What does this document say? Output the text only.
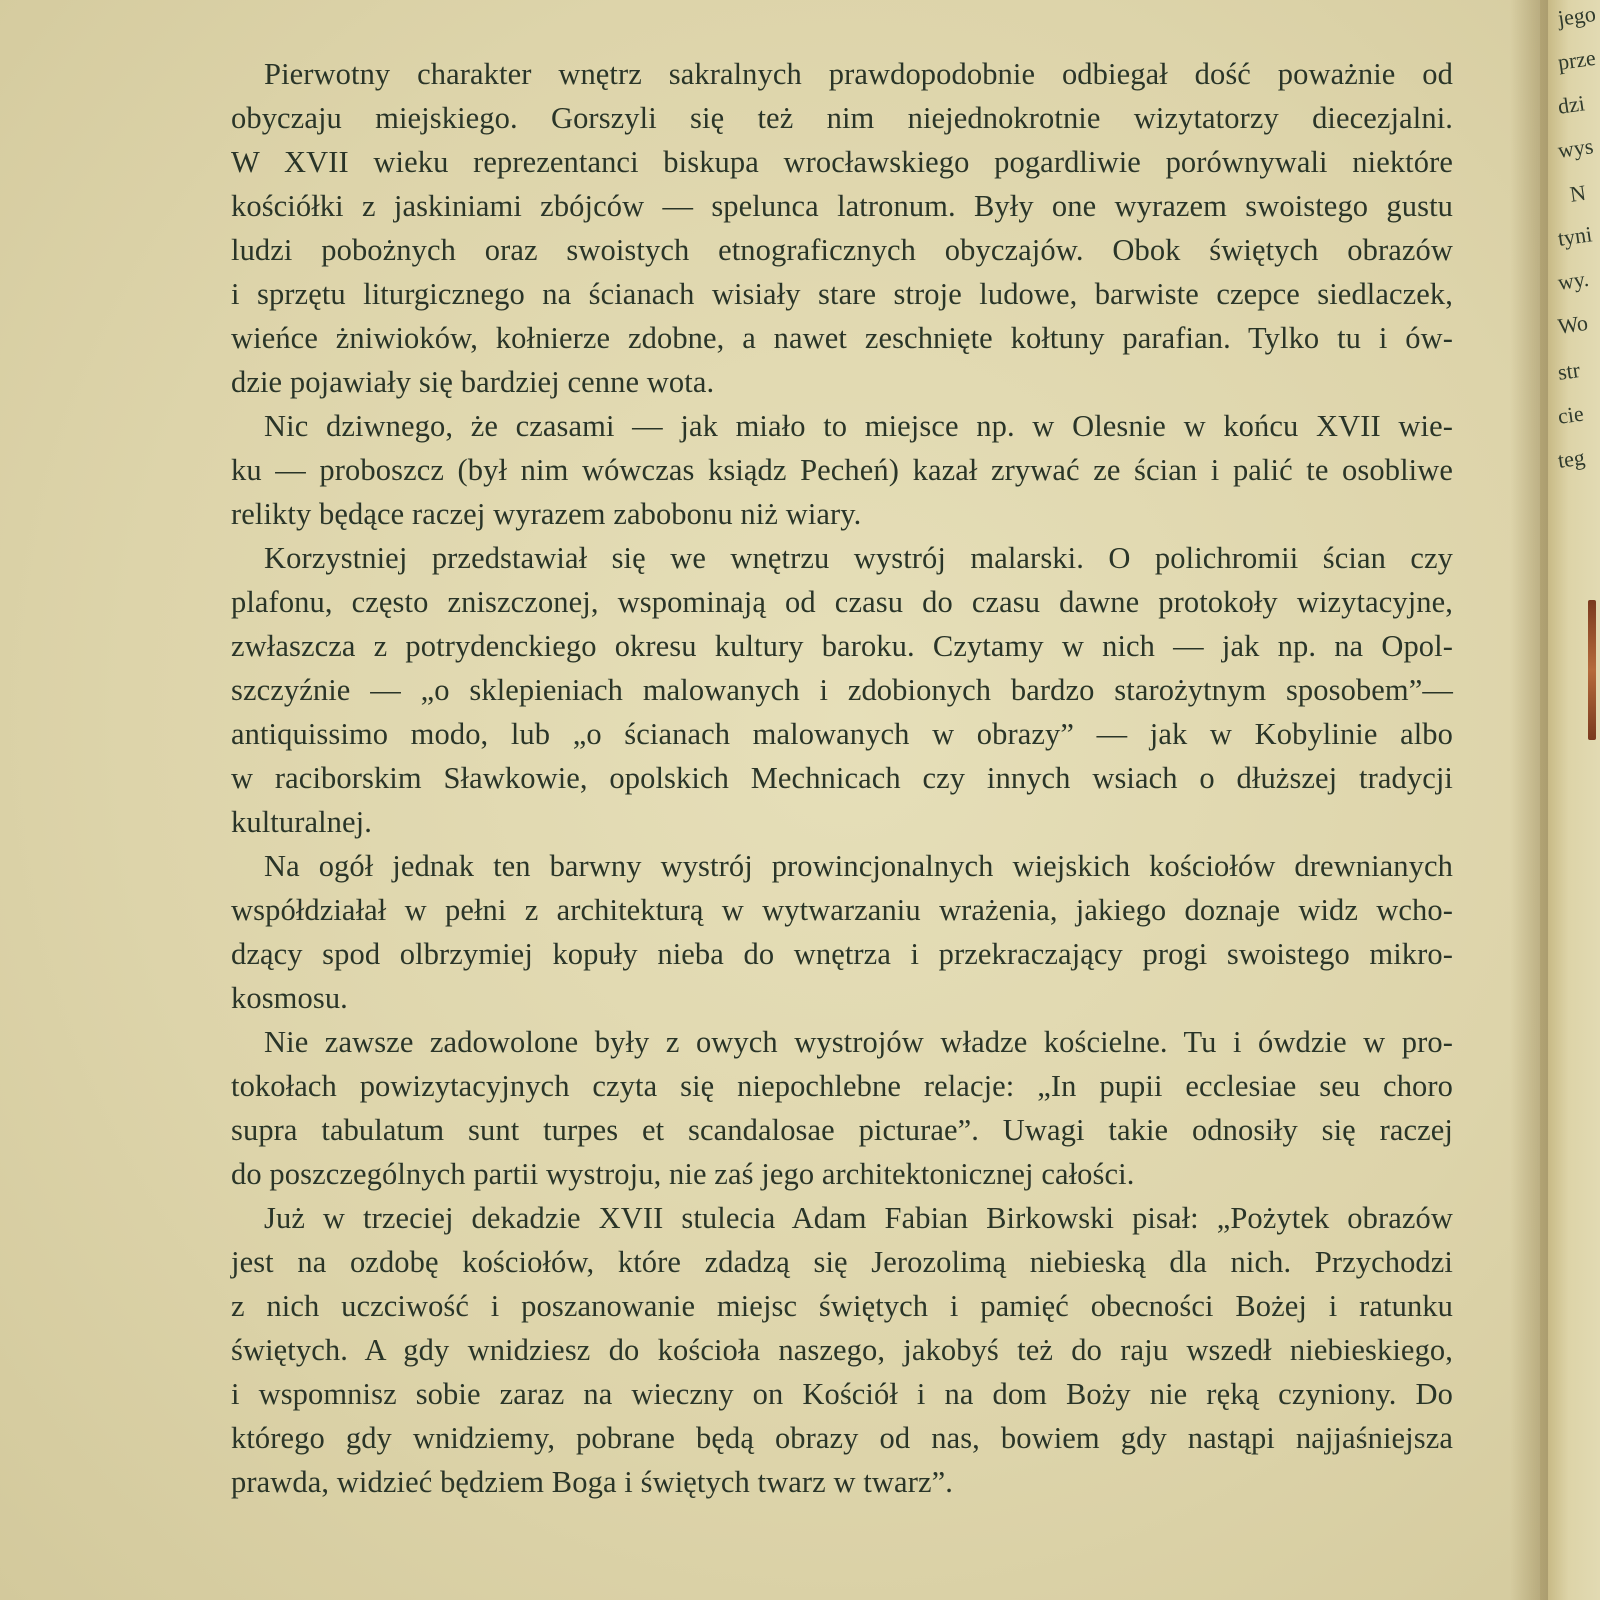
Pierwotny charakter wnętrz sakralnych prawdopodobnie odbiegał dość poważnie od
obyczaju miejskiego. Gorszyli się też nim niejednokrotnie wizytatorzy diecezjalni.
W XVII wieku reprezentanci biskupa wrocławskiego pogardliwie porównywali niektóre
kościółki z jaskiniami zbójców — spelunca latronum. Były one wyrazem swoistego gustu
ludzi pobożnych oraz swoistych etnograficznych obyczajów. Obok świętych obrazów
i sprzętu liturgicznego na ścianach wisiały stare stroje ludowe, barwiste czepce siedlaczek,
wieńce żniwioków, kołnierze zdobne, a nawet zeschnięte kołtuny parafian. Tylko tu i ów-
dzie pojawiały się bardziej cenne wota.
Nic dziwnego, że czasami — jak miało to miejsce np. w Olesnie w końcu XVII wie-
ku — proboszcz (był nim wówczas ksiądz Pecheń) kazał zrywać ze ścian i palić te osobliwe
relikty będące raczej wyrazem zabobonu niż wiary.
Korzystniej przedstawiał się we wnętrzu wystrój malarski. O polichromii ścian czy
plafonu, często zniszczonej, wspominają od czasu do czasu dawne protokoły wizytacyjne,
zwłaszcza z potrydenckiego okresu kultury baroku. Czytamy w nich — jak np. na Opol-
szczyźnie — „o sklepieniach malowanych i zdobionych bardzo starożytnym sposobem”—
antiquissimo modo, lub „o ścianach malowanych w obrazy” — jak w Kobylinie albo
w raciborskim Sławkowie, opolskich Mechnicach czy innych wsiach o dłuższej tradycji
kulturalnej.
Na ogół jednak ten barwny wystrój prowincjonalnych wiejskich kościołów drewnianych
współdziałał w pełni z architekturą w wytwarzaniu wrażenia, jakiego doznaje widz wcho-
dzący spod olbrzymiej kopuły nieba do wnętrza i przekraczający progi swoistego mikro-
kosmosu.
Nie zawsze zadowolone były z owych wystrojów władze kościelne. Tu i ówdzie w pro-
tokołach powizytacyjnych czyta się niepochlebne relacje: „In pupii ecclesiae seu choro
supra tabulatum sunt turpes et scandalosae picturae”. Uwagi takie odnosiły się raczej
do poszczególnych partii wystroju, nie zaś jego architektonicznej całości.
Już w trzeciej dekadzie XVII stulecia Adam Fabian Birkowski pisał: „Pożytek obrazów
jest na ozdobę kościołów, które zdadzą się Jerozolimą niebieską dla nich. Przychodzi
z nich uczciwość i poszanowanie miejsc świętych i pamięć obecności Bożej i ratunku
świętych. A gdy wnidziesz do kościoła naszego, jakobyś też do raju wszedł niebieskiego,
i wspomnisz sobie zaraz na wieczny on Kościół i na dom Boży nie ręką czyniony. Do
którego gdy wnidziemy, pobrane będą obrazy od nas, bowiem gdy nastąpi najjaśniejsza
prawda, widzieć będziem Boga i świętych twarz w twarz”.
jego
prze
dzi
wys
N
tyni
wy.
Wo
str
cie
teg
